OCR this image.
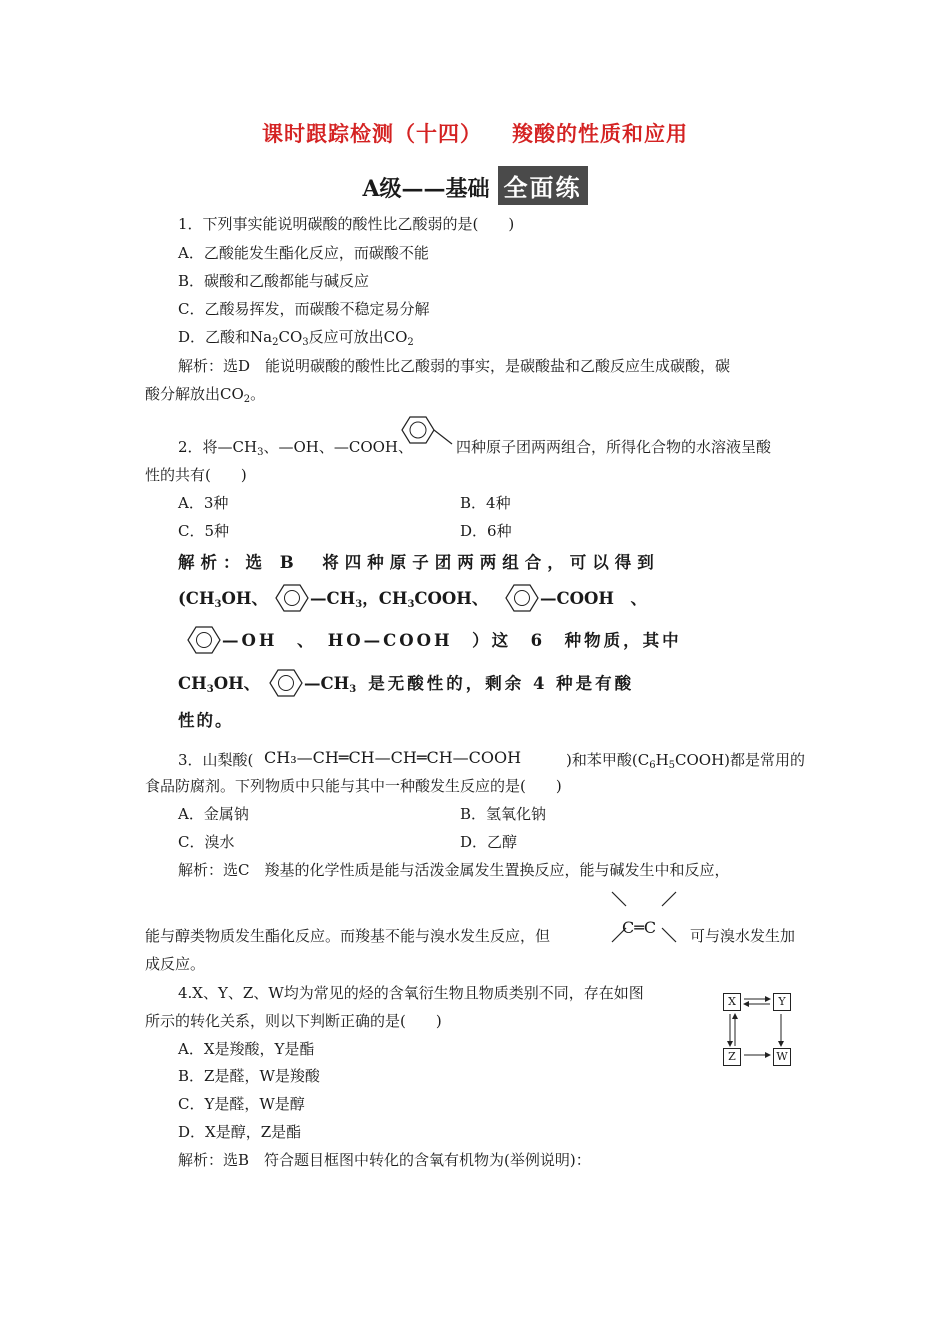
课时跟踪检测（十四） 羧酸的性质和应用
A级——基础 全面练
1．下列事实能说明碳酸的酸性比乙酸弱的是(　　)
A．乙酸能发生酯化反应，而碳酸不能
B．碳酸和乙酸都能与碱反应
C．乙酸易挥发，而碳酸不稳定易分解
D．乙酸和$Na_2CO_3$反应可放出$CO_2$
解析：选D　能说明碳酸的酸性比乙酸弱的事实，是碳酸盐和乙酸反应生成碳酸，碳
酸分解放出$CO_2$。
2．将$—CH_3$、—OH、—COOH、	四种原子团两两组合，所得化合物的水溶液呈酸
性的共有(　　)
A．3种	B．4种
C．5种	D．6种
解析：选 B　将四种原子团两两组合，可以得到
($CH_3OH$、	$—CH_3$，$CH_3COOH$、	—COOH　、
—OH　、　HO—COOH　）这　6　种物质，其中
$CH_3OH$、	$—CH_3$ 是无酸性的，剩余 4 种是有酸
性的。
3．山梨酸( CH₃—CH═CH—CH═CH—COOH	)和苯甲酸$(C_6H_5COOH)$都是常用的
食品防腐剂。下列物质中只能与其中一种酸发生反应的是(　　)
A．金属钠	B．氢氧化钠
C．溴水	D．乙醇
解析：选C　羧基的化学性质是能与活泼金属发生置换反应，能与碱发生中和反应，
能与醇类物质发生酯化反应。而羧基不能与溴水发生反应，但	C═C 可与溴水发生加
成反应。
4.X、Y、Z、W均为常见的烃的含氧衍生物且物质类别不同，存在如图
所示的转化关系，则以下判断正确的是(　　)
A．X是羧酸，Y是酯
B．Z是醛，W是羧酸
C．Y是醛，W是醇
D．X是醇，Z是酯
解析：选B　符合题目框图中转化的含氧有机物为(举例说明)：
X	Y
Z	W
